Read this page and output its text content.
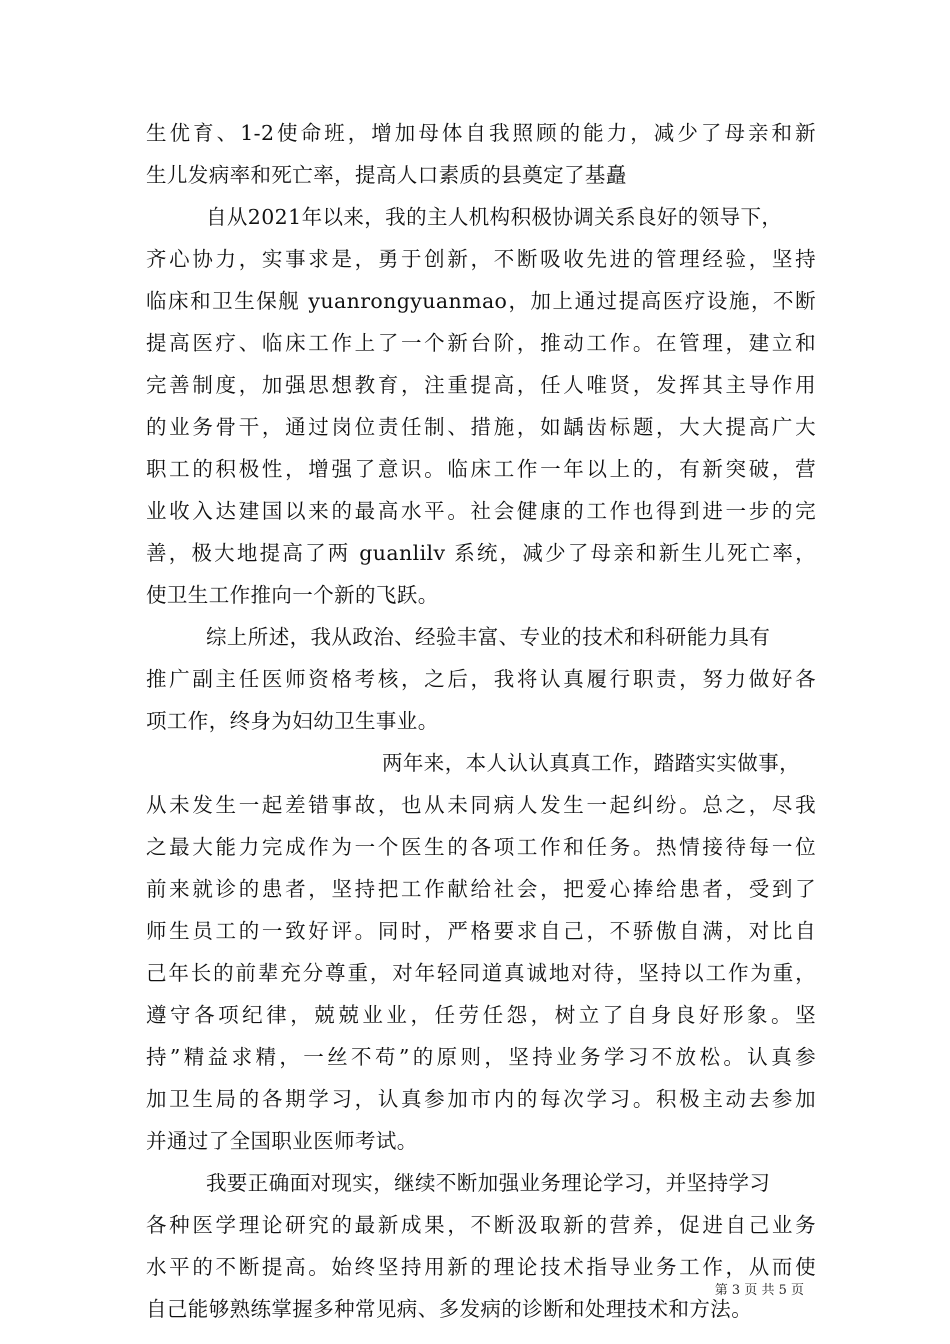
生优育、1-2使命班，增加母体自我照顾的能力，减少了母亲和新
生儿发病率和死亡率，提高人口素质的县奠定了基矗
自从2021年以来，我的主人机构积极协调关系良好的领导下，
齐心协力，实事求是，勇于创新，不断吸收先进的管理经验，坚持
临床和卫生保舰 yuanrongyuanmao，加上通过提高医疗设施，不断
提高医疗、临床工作上了一个新台阶，推动工作。在管理，建立和
完善制度，加强思想教育，注重提高，任人唯贤，发挥其主导作用
的业务骨干，通过岗位责任制、措施，如龋齿标题，大大提高广大
职工的积极性，增强了意识。临床工作一年以上的，有新突破，营
业收入达建国以来的最高水平。社会健康的工作也得到进一步的完
善，极大地提高了两 guanlilv 系统，减少了母亲和新生儿死亡率，
使卫生工作推向一个新的飞跃。
综上所述，我从政治、经验丰富、专业的技术和科研能力具有
推广副主任医师资格考核，之后，我将认真履行职责，努力做好各
项工作，终身为妇幼卫生事业。
两年来，本人认认真真工作，踏踏实实做事，
从未发生一起差错事故，也从未同病人发生一起纠纷。总之，尽我
之最大能力完成作为一个医生的各项工作和任务。热情接待每一位
前来就诊的患者，坚持把工作献给社会，把爱心捧给患者，受到了
师生员工的一致好评。同时，严格要求自己，不骄傲自满，对比自
己年长的前辈充分尊重，对年轻同道真诚地对待，坚持以工作为重，
遵守各项纪律，兢兢业业，任劳任怨，树立了自身良好形象。坚
持”精益求精，一丝不苟”的原则，坚持业务学习不放松。认真参
加卫生局的各期学习，认真参加市内的每次学习。积极主动去参加
并通过了全国职业医师考试。
我要正确面对现实，继续不断加强业务理论学习，并坚持学习
各种医学理论研究的最新成果，不断汲取新的营养，促进自己业务
水平的不断提高。始终坚持用新的理论技术指导业务工作，从而使
自己能够熟练掌握多种常见病、多发病的诊断和处理技术和方法。
第 3 页 共 5 页
